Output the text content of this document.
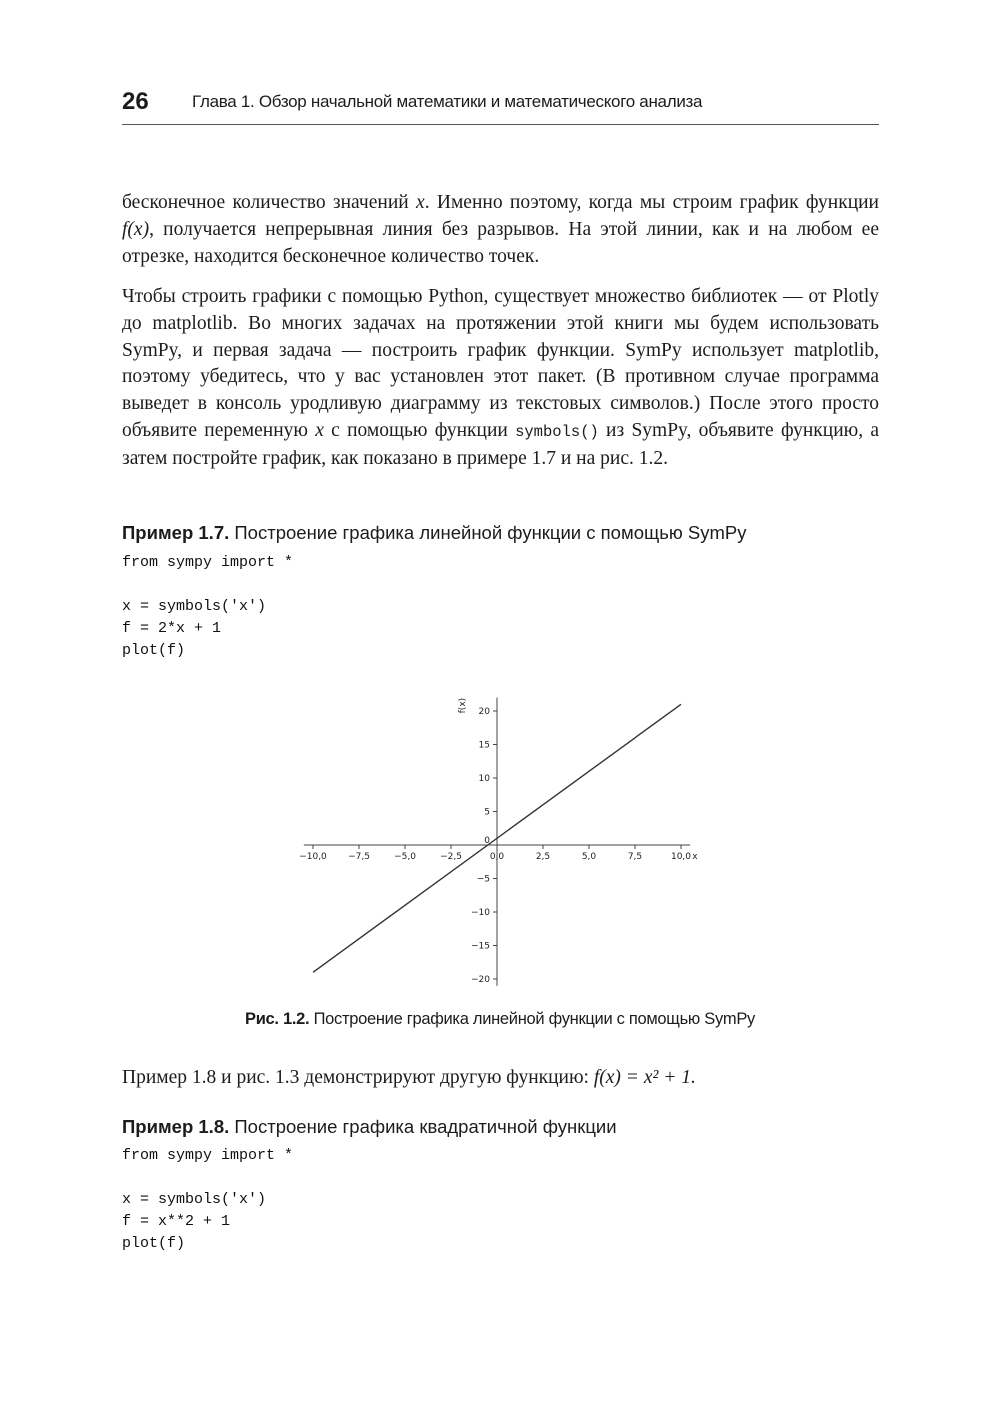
26	Глава 1. Обзор начальной математики и математического анализа

бесконечное количество значений x. Именно поэтому, когда мы строим график функции f(x), получается непрерывная линия без разрывов. На этой линии, как и на любом ее отрезке, находится бесконечное количество точек.

Чтобы строить графики с помощью Python, существует множество библиотек — от Plotly до matplotlib. Во многих задачах на протяжении этой книги мы будем использовать SymPy, и первая задача — построить график функции. SymPy использует matplotlib, поэтому убедитесь, что у вас установлен этот пакет. (В противном случае программа выведет в консоль уродливую диаграмму из текстовых символов.) После этого просто объявите переменную x с помощью функции symbols() из SymPy, объявите функцию, а затем постройте график, как показано в примере 1.7 и на рис. 1.2.

Пример 1.7. Построение графика линейной функции с помощью SymPy
from sympy import *

x = symbols('x')
f = 2*x + 1
plot(f)
−10,0 −7,5	−5,0	−2,5	0,0	2,5	5,0	7,5	10,0
−20
−15
−10
−5
5
10
15
20
0
x
f(x)
Рис. 1.2. Построение графика линейной функции с помощью SymPy

Пример 1.8 и рис. 1.3 демонстрируют другую функцию: f(x) = x² + 1.

Пример 1.8. Построение графика квадратичной функции
from sympy import *

x = symbols('x')
f = x**2 + 1
plot(f)
